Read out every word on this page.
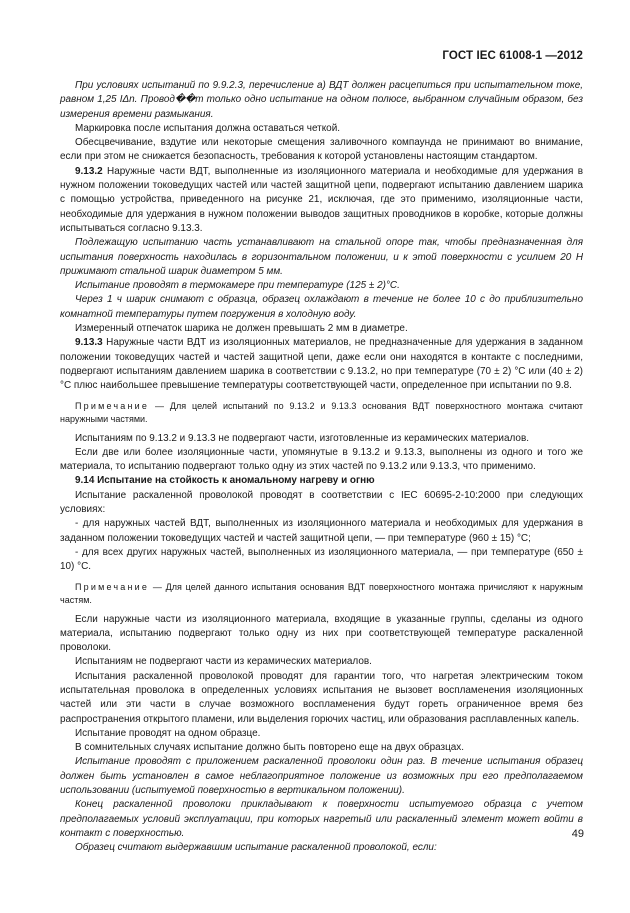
ГОСТ IEC 61008-1 —2012

При условиях испытаний по 9.9.2.3, перечисление а) ВДТ должен расцепиться при испытательном токе, равном 1,25 IΔn. Провод��т только одно испытание на одном полюсе, выбранном случайным образом, без измерения времени размыкания.

Маркировка после испытания должна оставаться четкой.

Обесцвечивание, вздутие или некоторые смещения заливочного компаунда не принимают во внимание, если при этом не снижается безопасность, требования к которой установлены настоящим стандартом.

9.13.2 Наружные части ВДТ, выполненные из изоляционного материала и необходимые для удержания в нужном положении токоведущих частей или частей защитной цепи, подвергают испытанию давлением шарика с помощью устройства, приведенного на рисунке 21, исключая, где это применимо, изоляционные части, необходимые для удержания в нужном положении выводов защитных проводников в коробке, которые должны испытываться согласно 9.13.3.

Подлежащую испытанию часть устанавливают на стальной опоре так, чтобы предназначенная для испытания поверхность находилась в горизонтальном положении, и к этой поверхности с усилием 20 Н прижимают стальной шарик диаметром 5 мм.

Испытание проводят в термокамере при температуре (125 ± 2)°С.

Через 1 ч шарик снимают с образца, образец охлаждают в течение не более 10 с до приблизительно комнатной температуры путем погружения в холодную воду.

Измеренный отпечаток шарика не должен превышать 2 мм в диаметре.

9.13.3 Наружные части ВДТ из изоляционных материалов, не предназначенные для удержания в заданном положении токоведущих частей и частей защитной цепи, даже если они находятся в контакте с последними, подвергают испытаниям давлением шарика в соответствии с 9.13.2, но при температуре (70 ± 2) °С или (40 ± 2) °С плюс наибольшее превышение температуры соответствующей части, определенное при испытании по 9.8.

Примечание — Для целей испытаний по 9.13.2 и 9.13.3 основания ВДТ поверхностного монтажа считают наружными частями.

Испытаниям по 9.13.2 и 9.13.3 не подвергают части, изготовленные из керамических материалов.

Если две или более изоляционные части, упомянутые в 9.13.2 и 9.13.3, выполнены из одного и того же материала, то испытанию подвергают только одну из этих частей по 9.13.2 или 9.13.3, что применимо.

9.14 Испытание на стойкость к аномальному нагреву и огню

Испытание раскаленной проволокой проводят в соответствии с IEC 60695-2-10:2000 при следующих условиях:

- для наружных частей ВДТ, выполненных из изоляционного материала и необходимых для удержания в заданном положении токоведущих частей и частей защитной цепи, — при температуре (960 ± 15) °С;

- для всех других наружных частей, выполненных из изоляционного материала, — при температуре (650 ± 10) °С.

Примечание — Для целей данного испытания основания ВДТ поверхностного монтажа причисляют к наружным частям.

Если наружные части из изоляционного материала, входящие в указанные группы, сделаны из одного материала, испытанию подвергают только одну из них при соответствующей температуре раскаленной проволоки.

Испытаниям не подвергают части из керамических материалов.

Испытания раскаленной проволокой проводят для гарантии того, что нагретая электрическим током испытательная проволока в определенных условиях испытания не вызовет воспламенения изоляционных частей или эти части в случае возможного воспламенения будут гореть ограниченное время без распространения открытого пламени, или выделения горючих частиц, или образования расплавленных капель.

Испытание проводят на одном образце.

В сомнительных случаях испытание должно быть повторено еще на двух образцах.

Испытание проводят с приложением раскаленной проволоки один раз. В течение испытания образец должен быть установлен в самое неблагоприятное положение из возможных при его предполагаемом использовании (испытуемой поверхностью в вертикальном положении).

Конец раскаленной проволоки прикладывают к поверхности испытуемого образца с учетом предполагаемых условий эксплуатации, при которых нагретый или раскаленный элемент может войти в контакт с поверхностью.

Образец считают выдержавшим испытание раскаленной проволокой, если:

49
